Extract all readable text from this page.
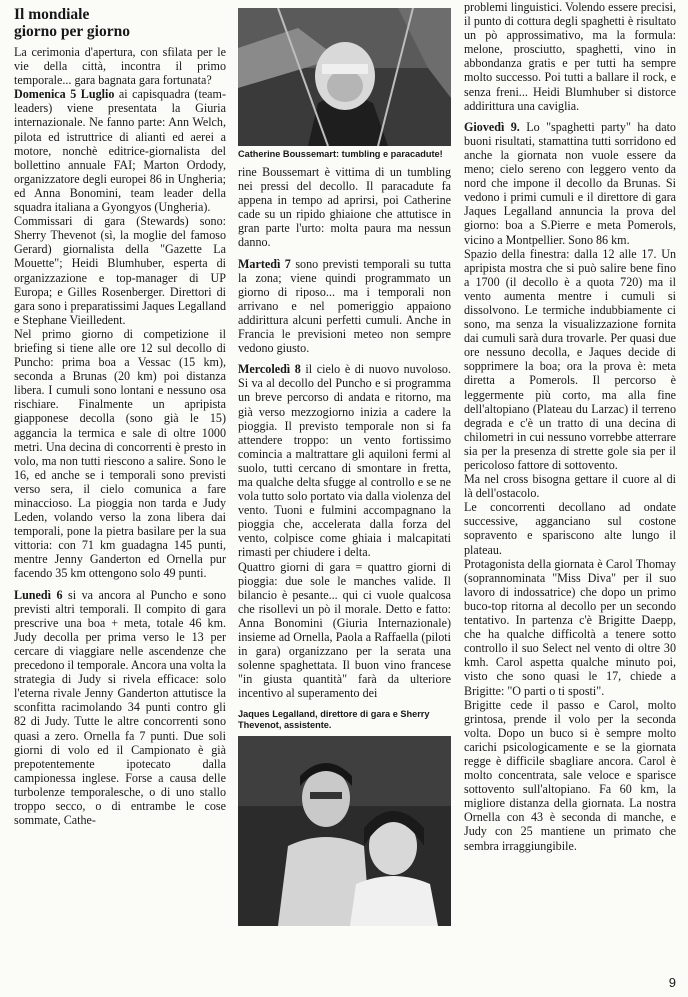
Il mondiale
giorno per giorno

La cerimonia d'apertura, con sfilata per le vie della città, incontra il primo temporale... gara bagnata gara fortunata?

Domenica 5 Luglio ai capisquadra (team-leaders) viene presentata la Giuria internazionale. Ne fanno parte: Ann Welch, pilota ed istruttrice di alianti ed aerei a motore, nonchè editrice-giornalista del bollettino annuale FAI; Marton Ordody, organizzatore degli europei 86 in Ungheria; ed Anna Bonomini, team leader della squadra italiana a Gyongyos (Ungheria).

Commissari di gara (Stewards) sono: Sherry Thevenot (sì, la moglie del famoso Gerard) giornalista della "Gazette La Mouette"; Heidi Blumhuber, esperta di organizzazione e top-manager di UP Europa; e Gilles Rosenberger. Direttori di gara sono i preparatissimi Jaques Legalland e Stephane Vieilledent.

Nel primo giorno di competizione il briefing si tiene alle ore 12 sul decollo di Puncho: prima boa a Vessac (15 km), seconda a Brunas (20 km) poi distanza libera. I cumuli sono lontani e nessuno osa rischiare. Finalmente un apripista giapponese decolla (sono già le 15) aggancia la termica e sale di oltre 1000 metri. Una decina di concorrenti è presto in volo, ma non tutti riescono a salire. Sono le 16, ed anche se i temporali sono previsti verso sera, il cielo comunica a fare minaccioso. La pioggia non tarda e Judy Leden, volando verso la zona libera dai temporali, pone la pietra basilare per la sua vittoria: con 71 km guadagna 145 punti, mentre Jenny Ganderton ed Ornella pur facendo 35 km ottengono solo 49 punti.

Lunedì 6 si va ancora al Puncho e sono previsti altri temporali. Il compito di gara prescrive una boa + meta, totale 46 km. Judy decolla per prima verso le 13 per cercare di viaggiare nelle ascendenze che precedono il temporale. Ancora una volta la strategia di Judy si rivela efficace: solo l'eterna rivale Jenny Ganderton attutisce la sconfitta racimolando 34 punti contro gli 82 di Judy. Tutte le altre concorrenti sono quasi a zero. Ornella fa 7 punti. Due soli giorni di volo ed il Campionato è già prepotentemente ipotecato dalla campionessa inglese. Forse a causa delle turbolenze temporalesche, o di uno stallo troppo secco, o di entrambe le cose sommate, Cathe-

Catherine Boussemart: tumbling e paracadute!

rine Boussemart è vittima di un tumbling nei pressi del decollo. Il paracadute fa appena in tempo ad aprirsi, poi Catherine cade su un ripido ghiaione che attutisce in gran parte l'urto: molta paura ma nessun danno.

Martedì 7 sono previsti temporali su tutta la zona; viene quindi programmato un giorno di riposo... ma i temporali non arrivano e nel pomeriggio appaiono addirittura alcuni perfetti cumuli. Anche in Francia le previsioni meteo non sempre vedono giusto.

Mercoledì 8 il cielo è di nuovo nuvoloso. Si va al decollo del Puncho e si programma un breve percorso di andata e ritorno, ma già verso mezzogiorno inizia a cadere la pioggia. Il previsto temporale non si fa attendere troppo: un vento fortissimo comincia a maltrattare gli aquiloni fermi al suolo, tutti cercano di smontare in fretta, ma qualche delta sfugge al controllo e se ne vola tutto solo portato via dalla violenza del vento. Tuoni e fulmini accompagnano la pioggia che, accelerata dalla forza del vento, colpisce come ghiaia i malcapitati rimasti per chiudere i delta.

Quattro giorni di gara = quattro giorni di pioggia: due sole le manches valide. Il bilancio è pesante... qui ci vuole qualcosa che risollevi un pò il morale. Detto e fatto: Anna Bonomini (Giuria Internazionale) insieme ad Ornella, Paola a Raffaella (piloti in gara) organizzano per la serata una solenne spaghettata. Il buon vino francese "in giusta quantità" farà da ulteriore incentivo al superamento dei

Jaques Legalland, direttore di gara e Sherry Thevenot, assistente.

problemi linguistici. Volendo essere precisi, il punto di cottura degli spaghetti è risultato un pò approssimativo, ma la formula: melone, prosciutto, spaghetti, vino in abbondanza gratis e per tutti ha sempre molto successo. Poi tutti a ballare il rock, e senza freni... Heidi Blumhuber si distorce addirittura una caviglia.

Giovedì 9. Lo "spaghetti party" ha dato buoni risultati, stamattina tutti sorridono ed anche la giornata non vuole essere da meno; cielo sereno con leggero vento da nord che impone il decollo da Brunas. Si vedono i primi cumuli e il direttore di gara Jaques Legalland annuncia la prova del giorno: boa a S.Pierre e meta Pomerols, vicino a Montpellier. Sono 86 km.

Spazio della finestra: dalla 12 alle 17. Un apripista mostra che si può salire bene fino a 1700 (il decollo è a quota 720) ma il vento aumenta mentre i cumuli si dissolvono. Le termiche indubbiamente ci sono, ma senza la visualizzazione fornita dai cumuli sarà dura trovarle. Per quasi due ore nessuno decolla, e Jaques decide di sopprimere la boa; ora la prova è: meta diretta a Pomerols. Il percorso è leggermente più corto, ma alla fine dell'altopiano (Plateau du Larzac) il terreno degrada e c'è un tratto di una decina di chilometri in cui nessuno vorrebbe atterrare sia per la presenza di strette gole sia per il pericoloso fattore di sottovento.

Ma nel cross bisogna gettare il cuore al di là dell'ostacolo.

Le concorrenti decollano ad ondate successive, agganciano sul costone sopravento e spariscono alte lungo il plateau.

Protagonista della giornata è Carol Thomay (soprannominata "Miss Diva" per il suo lavoro di indossatrice) che dopo un primo buco-top ritorna al decollo per un secondo tentativo. In partenza c'è Brigitte Daepp, che ha qualche difficoltà a tenere sotto controllo il suo Select nel vento di oltre 30 kmh. Carol aspetta qualche minuto poi, visto che sono quasi le 17, chiede a Brigitte: "O parti o ti sposti".

Brigitte cede il passo e Carol, molto grintosa, prende il volo per la seconda volta. Dopo un buco si è sempre molto carichi psicologicamente e se la giornata regge è difficile sbagliare ancora. Carol è molto concentrata, sale veloce e sparisce sottovento sull'altopiano. Fa 60 km, la migliore distanza della giornata. La nostra Ornella con 43 è seconda di manche, e Judy con 25 mantiene un primato che sembra irraggiungibile.

9
